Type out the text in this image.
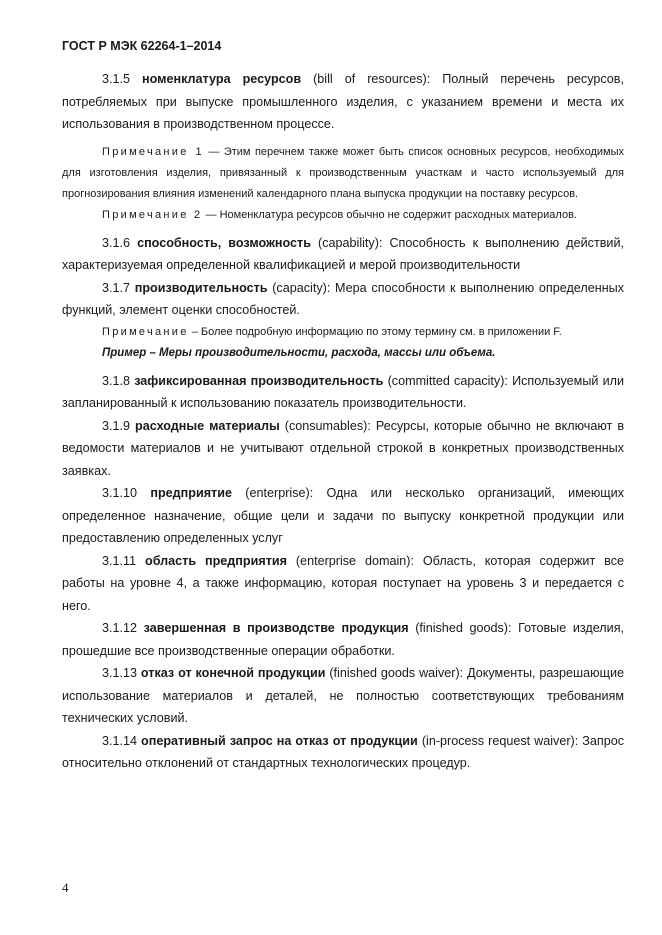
ГОСТ Р МЭК 62264-1–2014

3.1.5 номенклатура ресурсов (bill of resources): Полный перечень ресурсов, потребляемых при выпуске промышленного изделия, с указанием времени и места их использования в производственном процессе.

Примечание 1 — Этим перечнем также может быть список основных ресурсов, необходимых для изготовления изделия, привязанный к производственным участкам и часто используемый для прогнозирования влияния изменений календарного плана выпуска продукции на поставку ресурсов.

Примечание 2 — Номенклатура ресурсов обычно не содержит расходных материалов.

3.1.6 способность, возможность (capability): Способность к выполнению действий, характеризуемая определенной квалификацией и мерой производительности

3.1.7 производительность (capacity): Мера способности к выполнению определенных функций, элемент оценки способностей.

Примечание – Более подробную информацию по этому термину см. в приложении F.

Пример – Меры производительности, расхода, массы или объема.

3.1.8 зафиксированная производительность (committed capacity): Используемый или запланированный к использованию показатель производительности.

3.1.9 расходные материалы (consumables): Ресурсы, которые обычно не включают в ведомости материалов и не учитывают отдельной строкой в конкретных производственных заявках.

3.1.10 предприятие (enterprise): Одна или несколько организаций, имеющих определенное назначение, общие цели и задачи по выпуску конкретной продукции или предоставлению определенных услуг

3.1.11 область предприятия (enterprise domain): Область, которая содержит все работы на уровне 4, а также информацию, которая поступает на уровень 3 и передается с него.

3.1.12 завершенная в производстве продукция (finished goods): Готовые изделия, прошедшие все производственные операции обработки.

3.1.13 отказ от конечной продукции (finished goods waiver): Документы, разрешающие использование материалов и деталей, не полностью соответствующих требованиям технических условий.

3.1.14 оперативный запрос на отказ от продукции (in-process request waiver): Запрос относительно отклонений от стандартных технологических процедур.

4
